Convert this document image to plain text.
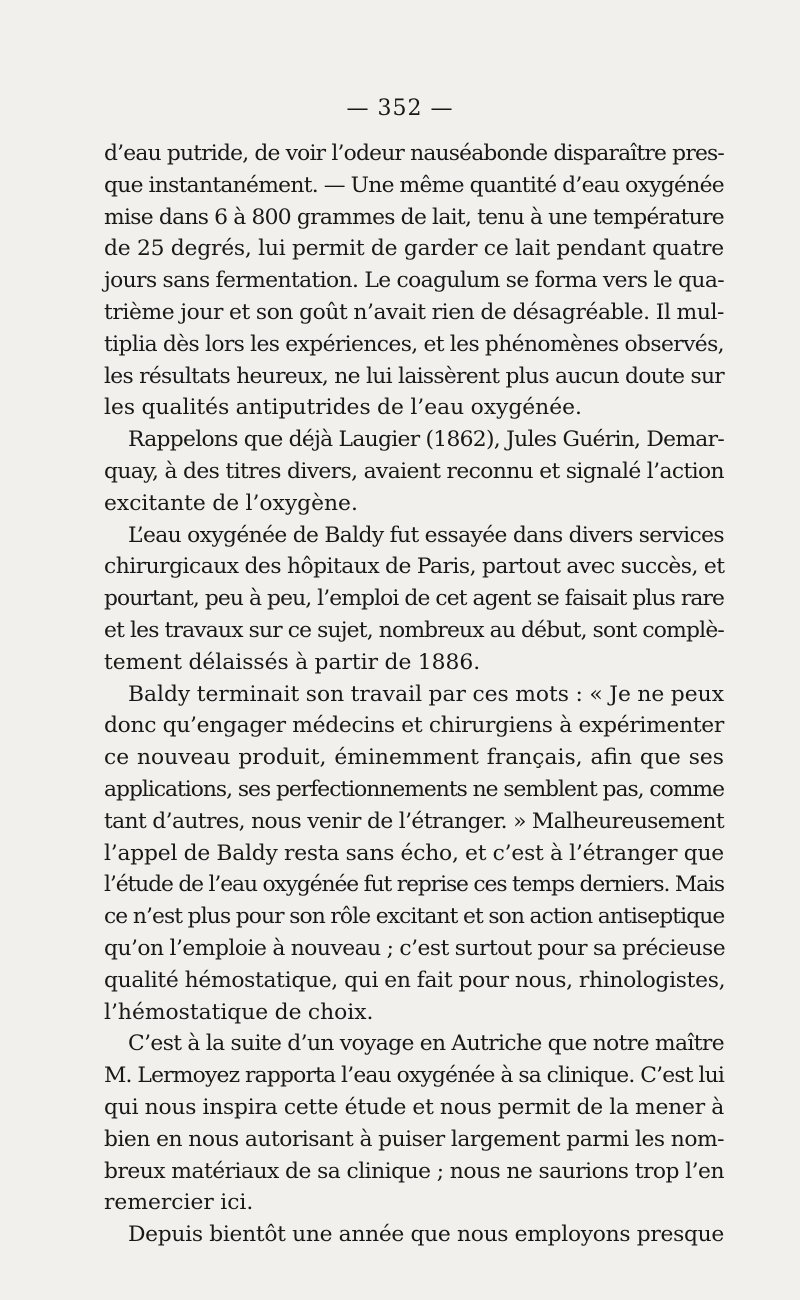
— 352 —
d’eau putride, de voir l’odeur nauséabonde disparaître pres-
que instantanément. — Une même quantité d’eau oxygénée
mise dans 6 à 800 grammes de lait, tenu à une température
de 25 degrés, lui permit de garder ce lait pendant quatre
jours sans fermentation. Le coagulum se forma vers le qua-
trième jour et son goût n’avait rien de désagréable. Il mul-
tiplia dès lors les expériences, et les phénomènes observés,
les résultats heureux, ne lui laissèrent plus aucun doute sur
les qualités antiputrides de l’eau oxygénée.
Rappelons que déjà Laugier (1862), Jules Guérin, Demar-
quay, à des titres divers, avaient reconnu et signalé l’action
excitante de l’oxygène.
L’eau oxygénée de Baldy fut essayée dans divers services
chirurgicaux des hôpitaux de Paris, partout avec succès, et
pourtant, peu à peu, l’emploi de cet agent se faisait plus rare
et les travaux sur ce sujet, nombreux au début, sont complè-
tement délaissés à partir de 1886.
Baldy terminait son travail par ces mots : « Je ne peux
donc qu’engager médecins et chirurgiens à expérimenter
ce nouveau produit, éminemment français, afin que ses
applications, ses perfectionnements ne semblent pas, comme
tant d’autres, nous venir de l’étranger. » Malheureusement
l’appel de Baldy resta sans écho, et c’est à l’étranger que
l’étude de l’eau oxygénée fut reprise ces temps derniers. Mais
ce n’est plus pour son rôle excitant et son action antiseptique
qu’on l’emploie à nouveau ; c’est surtout pour sa précieuse
qualité hémostatique, qui en fait pour nous, rhinologistes,
l’hémostatique de choix.
C’est à la suite d’un voyage en Autriche que notre maître
M. Lermoyez rapporta l’eau oxygénée à sa clinique. C’est lui
qui nous inspira cette étude et nous permit de la mener à
bien en nous autorisant à puiser largement parmi les nom-
breux matériaux de sa clinique ; nous ne saurions trop l’en
remercier ici.
Depuis bientôt une année que nous employons presque
